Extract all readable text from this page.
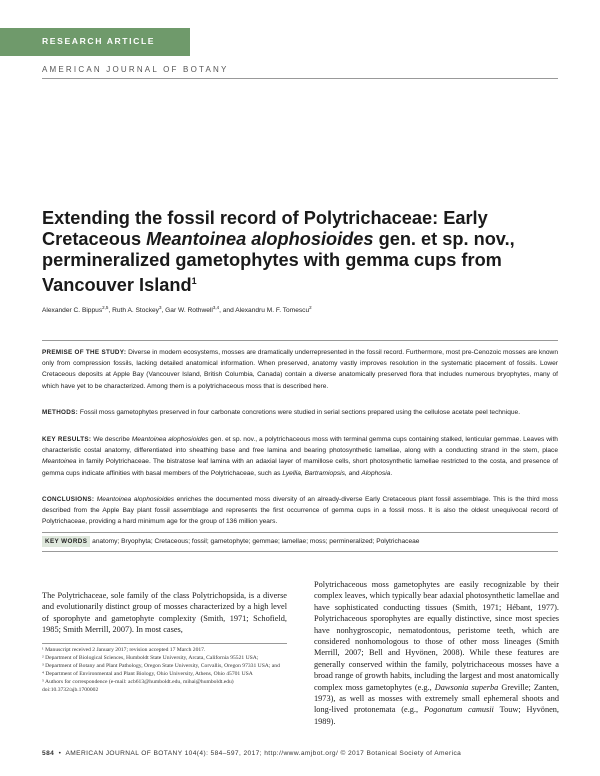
RESEARCH ARTICLE
AMERICAN JOURNAL OF BOTANY
Extending the fossil record of Polytrichaceae: Early Cretaceous Meantoinea alophosioides gen. et sp. nov., permineralized gametophytes with gemma cups from Vancouver Island$^1$
Alexander C. Bippus$^{2,5}$, Ruth A. Stockey$^3$, Gar W. Rothwell$^{3,4}$, and Alexandru M. F. Tomescu$^2$
PREMISE OF THE STUDY: Diverse in modern ecosystems, mosses are dramatically underrepresented in the fossil record. Furthermore, most pre-Cenozoic mosses are known only from compression fossils, lacking detailed anatomical information. When preserved, anatomy vastly improves resolution in the systematic placement of fossils. Lower Cretaceous deposits at Apple Bay (Vancouver Island, British Columbia, Canada) contain a diverse anatomically preserved flora that includes numerous bryophytes, many of which have yet to be characterized. Among them is a polytrichaceous moss that is described here.
METHODS: Fossil moss gametophytes preserved in four carbonate concretions were studied in serial sections prepared using the cellulose acetate peel technique.
KEY RESULTS: We describe Meantoinea alophosioides gen. et sp. nov., a polytrichaceous moss with terminal gemma cups containing stalked, lenticular gemmae. Leaves with characteristic costal anatomy, differentiated into sheathing base and free lamina and bearing photosynthetic lamellae, along with a conducting strand in the stem, place Meantoinea in family Polytrichaceae. The bistratose leaf lamina with an adaxial layer of mamillose cells, short photosynthetic lamellae restricted to the costa, and presence of gemma cups indicate affinities with basal members of the Polytrichaceae, such as Lyellia, Bartramiopsis, and Alophosia.
CONCLUSIONS: Meantoinea alophosioides enriches the documented moss diversity of an already-diverse Early Cretaceous plant fossil assemblage. This is the third moss described from the Apple Bay plant fossil assemblage and represents the first occurrence of gemma cups in a fossil moss. It is also the oldest unequivocal record of Polytrichaceae, providing a hard minimum age for the group of 136 million years.
KEY WORDS anatomy; Bryophyta; Cretaceous; fossil; gametophyte; gemmae; lamellae; moss; permineralized; Polytrichaceae

The Polytrichaceae, sole family of the class Polytrichopsida, is a diverse and evolutionarily distinct group of mosses characterized by a high level of sporophyte and gametophyte complexity (Smith, 1971; Schofield, 1985; Smith Merrill, 2007). In most cases,

¹ Manuscript received 2 January 2017; revision accepted 17 March 2017.
² Department of Biological Sciences, Humboldt State University, Arcata, California 95521 USA;
³ Department of Botany and Plant Pathology, Oregon State University, Corvallis, Oregon 97331 USA; and
⁴ Department of Environmental and Plant Biology, Ohio University, Athens, Ohio 45701 USA
⁵ Authors for correspondence (e-mail: acb613@humboldt.edu, mihai@humboldt.edu)
doi:10.3732/ajb.1700002

Polytrichaceous moss gametophytes are easily recognizable by their complex leaves, which typically bear adaxial photosynthetic lamellae and have sophisticated conducting tissues (Smith, 1971; Hébant, 1977). Polytrichaceous sporophytes are equally distinctive, since most species have nonhygroscopic, nematodontous, peristome teeth, which are considered nonhomologous to those of other moss lineages (Smith Merrill, 2007; Bell and Hyvönen, 2008). While these features are generally conserved within the family, polytrichaceous mosses have a broad range of growth habits, including the largest and most anatomically complex moss gametophytes (e.g., Dawsonia superba Greville; Zanten, 1973), as well as mosses with extremely small ephemeral shoots and long-lived protonemata (e.g., Pogonatum camusii Touw; Hyvönen, 1989).

584  •  AMERICAN JOURNAL OF BOTANY 104(4): 584–597, 2017; http://www.amjbot.org/ © 2017 Botanical Society of America
